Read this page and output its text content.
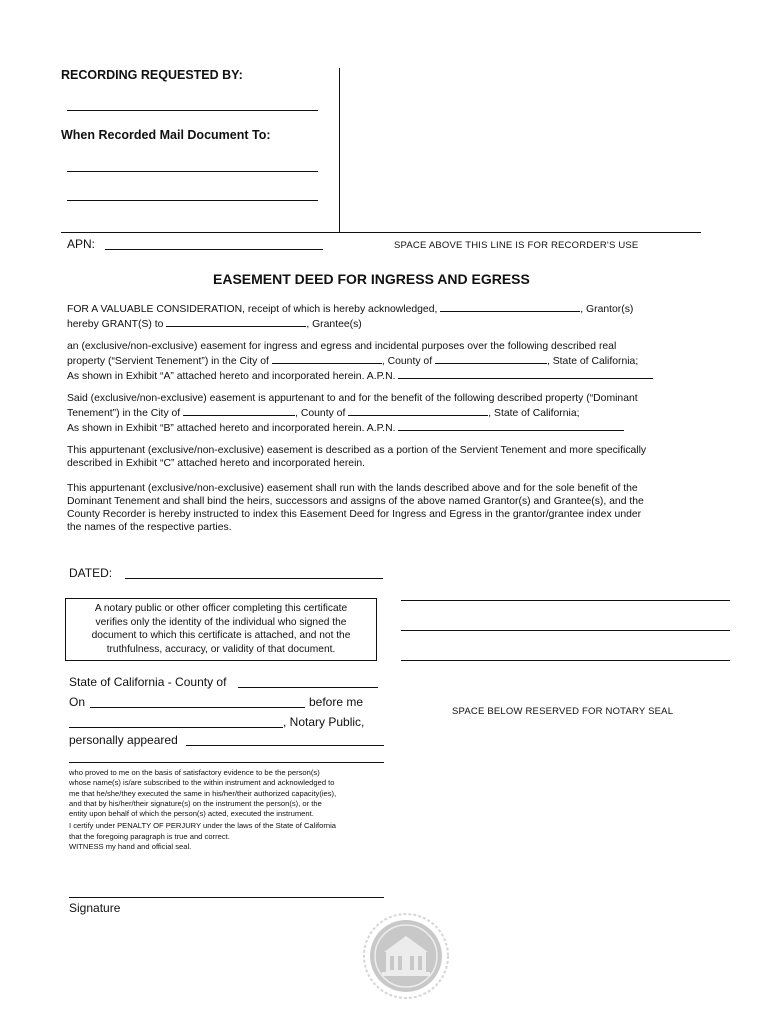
RECORDING REQUESTED BY:
When Recorded Mail Document To:
APN:	SPACE ABOVE THIS LINE IS FOR RECORDER'S USE
EASEMENT DEED FOR INGRESS AND EGRESS
FOR A VALUABLE CONSIDERATION, receipt of which is hereby acknowledged,	, Grantor(s)
hereby GRANT(S) to	, Grantee(s)
an (exclusive/non-exclusive) easement for ingress and egress and incidental purposes over the following described real
property (“Servient Tenement”) in the City of	, County of	, State of California;
As shown in Exhibit “A” attached hereto and incorporated herein. A.P.N.
Said (exclusive/non-exclusive) easement is appurtenant to and for the benefit of the following described property (“Dominant
Tenement”) in the City of	, County of	, State of California;
As shown in Exhibit “B” attached hereto and incorporated herein. A.P.N.
This appurtenant (exclusive/non-exclusive) easement is described as a portion of the Servient Tenement and more specifically
described in Exhibit “C” attached hereto and incorporated herein.
This appurtenant (exclusive/non-exclusive) easement shall run with the lands described above and for the sole benefit of the
Dominant Tenement and shall bind the heirs, successors and assigns of the above named Grantor(s) and Grantee(s), and the
County Recorder is hereby instructed to index this Easement Deed for Ingress and Egress in the grantor/grantee index under
the names of the respective parties.
DATED:
A notary public or other officer completing this certificate
verifies only the identity of the individual who signed the
document to which this certificate is attached, and not the
truthfulness, accuracy, or validity of that document.
State of California - County of
On	before me
, Notary Public,
personally appeared
SPACE BELOW RESERVED FOR NOTARY SEAL
who proved to me on the basis of satisfactory evidence to be the person(s)
whose name(s) is/are subscribed to the within instrument and acknowledged to
me that he/she/they executed the same in his/her/their authorized capacity(ies),
and that by his/her/their signature(s) on the instrument the person(s), or the
entity upon behalf of which the person(s) acted, executed the instrument.
I certify under PENALTY OF PERJURY under the laws of the State of California
that the foregoing paragraph is true and correct.
WITNESS my hand and official seal.
Signature
